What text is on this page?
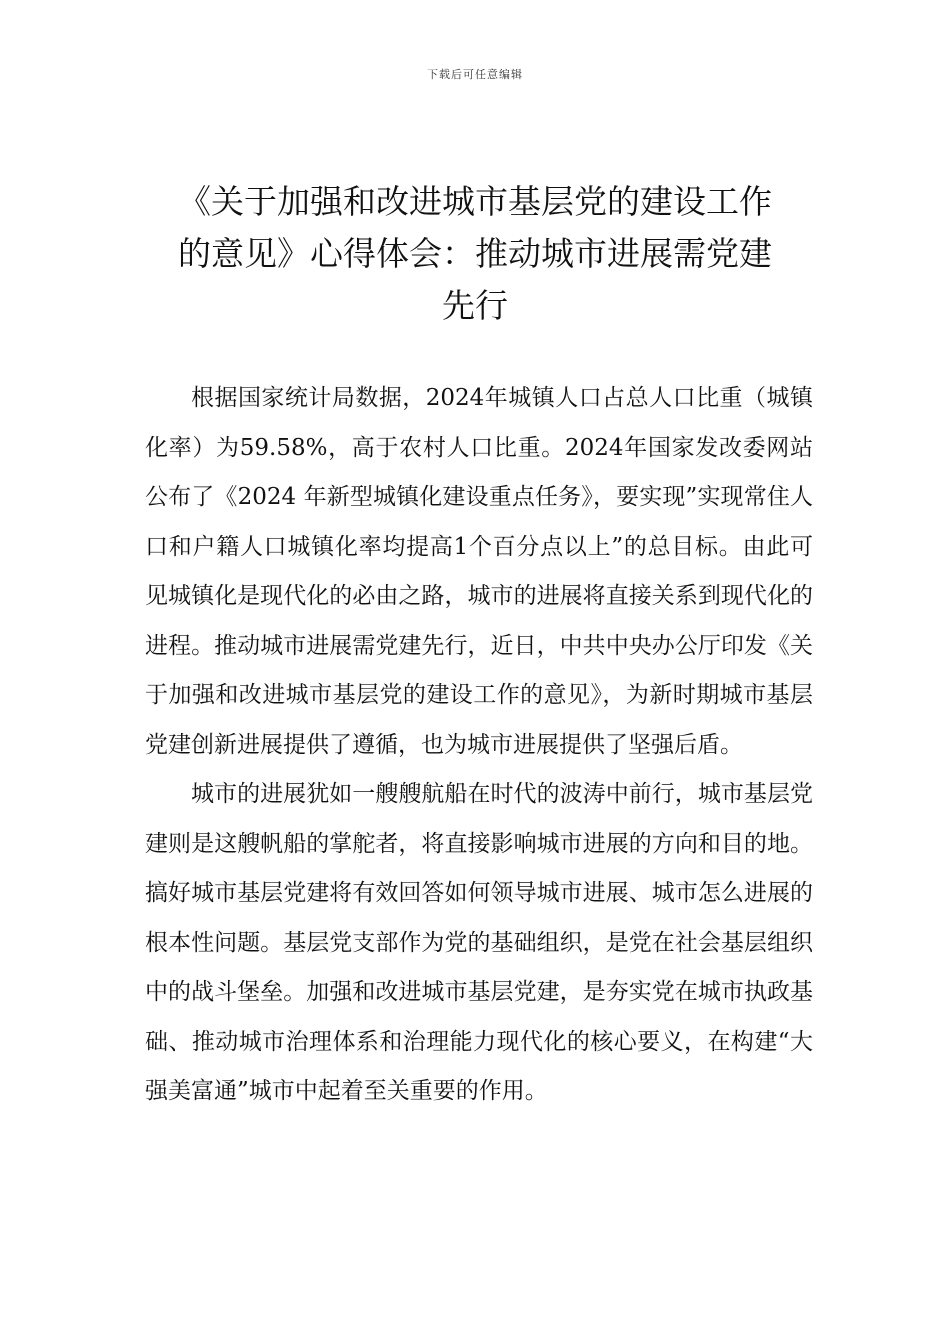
下载后可任意编辑
《关于加强和改进城市基层党的建设工作
的意见》心得体会：推动城市进展需党建
先行

根据国家统计局数据，2024年城镇人口占总人口比重（城镇化率）为59.58%，高于农村人口比重。2024年国家发改委网站公布了《2024 年新型城镇化建设重点任务》，要实现”实现常住人口和户籍人口城镇化率均提高1个百分点以上”的总目标。由此可见城镇化是现代化的必由之路，城市的进展将直接关系到现代化的进程。推动城市进展需党建先行，近日，中共中央办公厅印发《关于加强和改进城市基层党的建设工作的意见》，为新时期城市基层党建创新进展提供了遵循，也为城市进展提供了坚强后盾。

城市的进展犹如一艘艘航船在时代的波涛中前行，城市基层党建则是这艘帆船的掌舵者，将直接影响城市进展的方向和目的地。搞好城市基层党建将有效回答如何领导城市进展、城市怎么进展的根本性问题。基层党支部作为党的基础组织，是党在社会基层组织中的战斗堡垒。加强和改进城市基层党建，是夯实党在城市执政基础、推动城市治理体系和治理能力现代化的核心要义，在构建“大强美富通”城市中起着至关重要的作用。
